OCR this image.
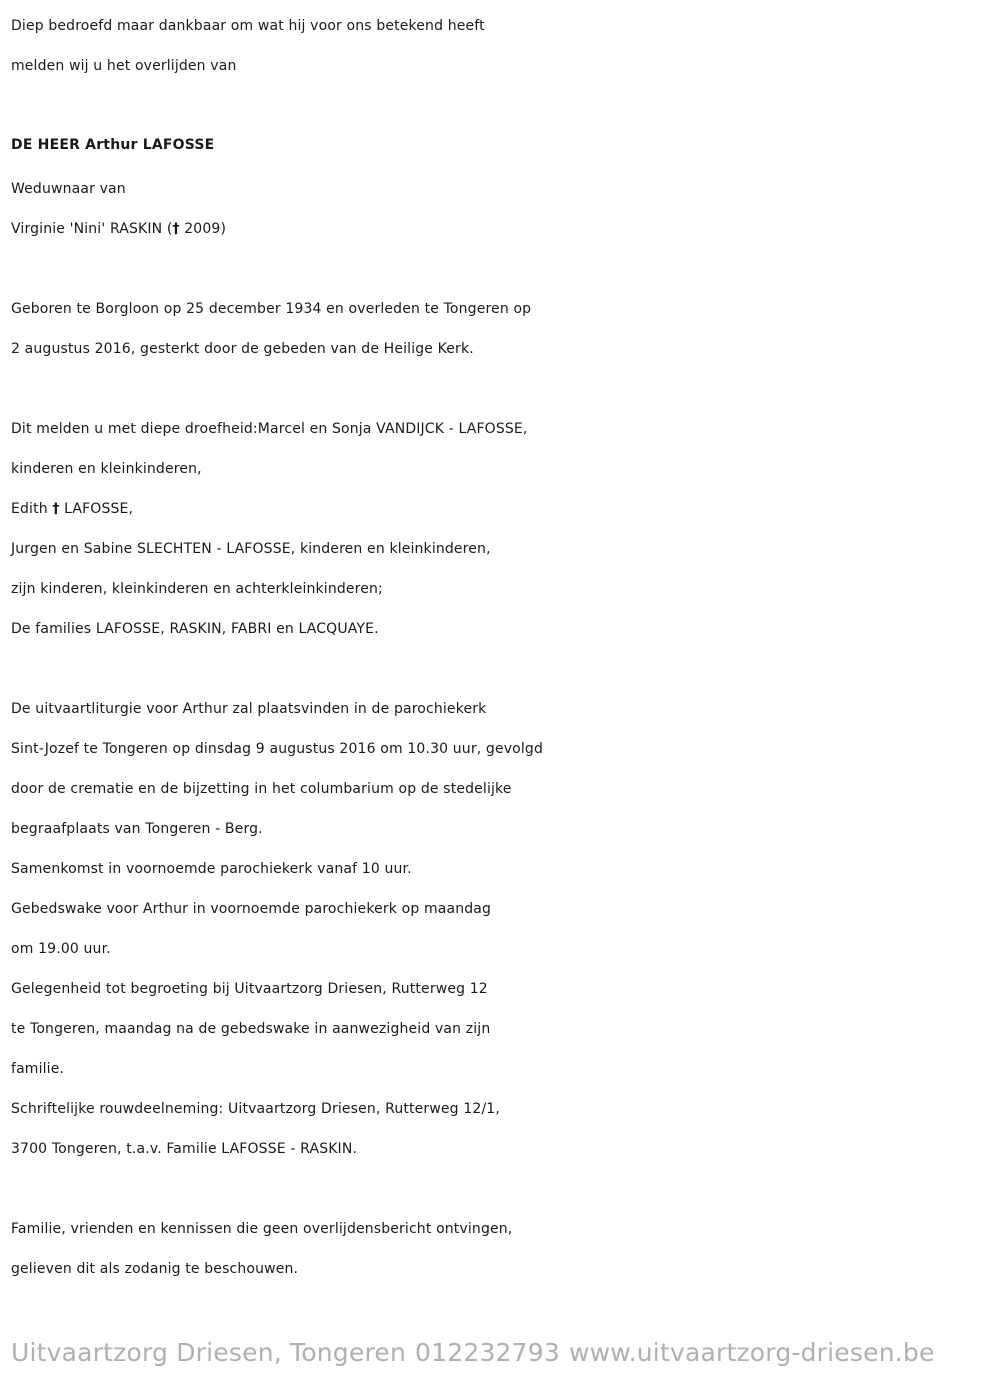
Diep bedroefd maar dankbaar om wat hij voor ons betekend heeft
melden wij u het overlijden van
DE HEER Arthur LAFOSSE
Weduwnaar van
Virginie 'Nini' RASKIN († 2009)
Geboren te Borgloon op 25 december 1934 en overleden te Tongeren op
2 augustus 2016, gesterkt door de gebeden van de Heilige Kerk.
Dit melden u met diepe droefheid:Marcel en Sonja VANDIJCK - LAFOSSE,
kinderen en kleinkinderen,
Edith † LAFOSSE,
Jurgen en Sabine SLECHTEN - LAFOSSE, kinderen en kleinkinderen,
zijn kinderen, kleinkinderen en achterkleinkinderen;
De families LAFOSSE, RASKIN, FABRI en LACQUAYE.
De uitvaartliturgie voor Arthur zal plaatsvinden in de parochiekerk
Sint-Jozef te Tongeren op dinsdag 9 augustus 2016 om 10.30 uur, gevolgd
door de crematie en de bijzetting in het columbarium op de stedelijke
begraafplaats van Tongeren - Berg.
Samenkomst in voornoemde parochiekerk vanaf 10 uur.
Gebedswake voor Arthur in voornoemde parochiekerk op maandag
om 19.00 uur.
Gelegenheid tot begroeting bij Uitvaartzorg Driesen, Rutterweg 12
te Tongeren, maandag na de gebedswake in aanwezigheid van zijn
familie.
Schriftelijke rouwdeelneming: Uitvaartzorg Driesen, Rutterweg 12/1,
3700 Tongeren, t.a.v. Familie LAFOSSE - RASKIN.
Familie, vrienden en kennissen die geen overlijdensbericht ontvingen,
gelieven dit als zodanig te beschouwen.
Uitvaartzorg Driesen, Tongeren 012232793 www.uitvaartzorg-driesen.be
